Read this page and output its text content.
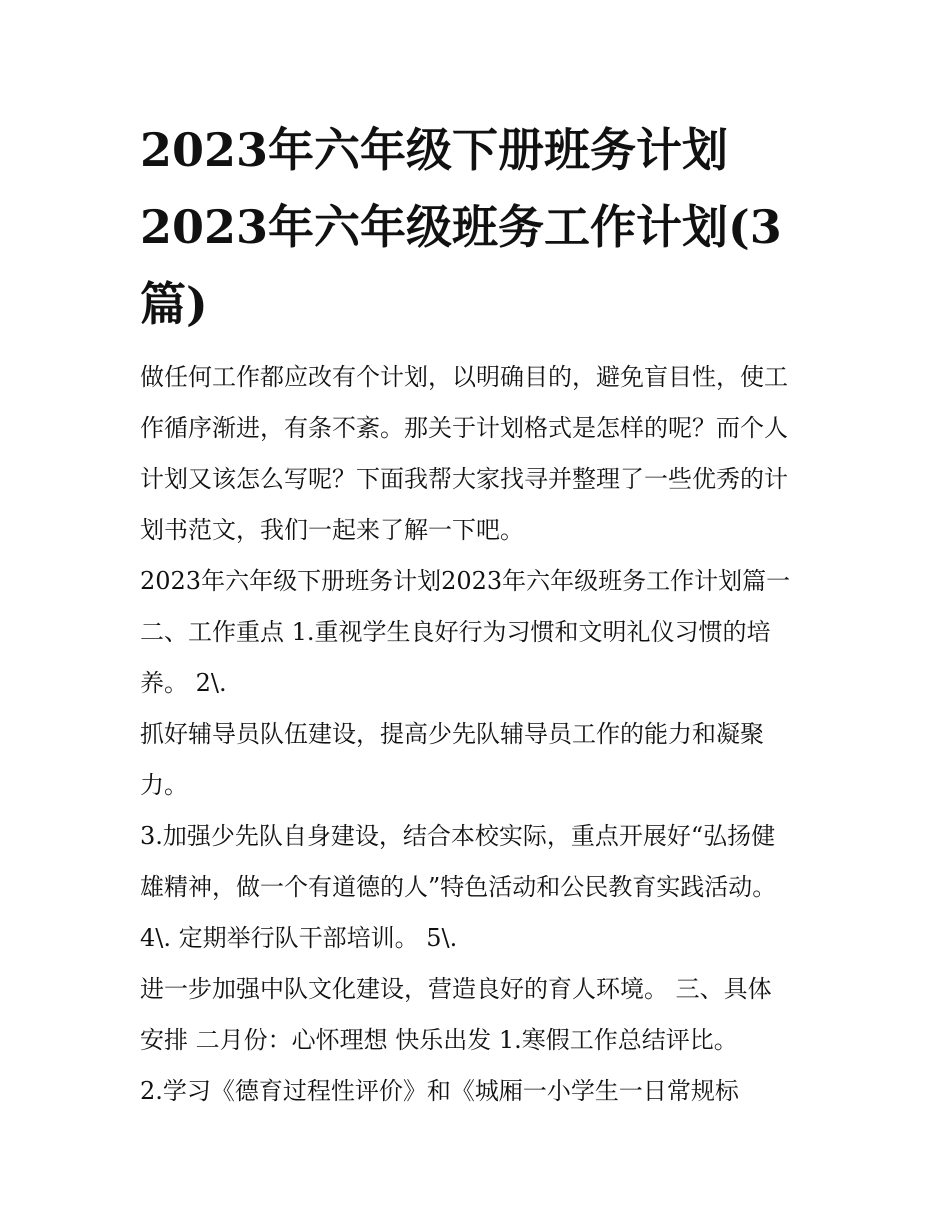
2023年六年级下册班务计划
2023年六年级班务工作计划(3
篇)
做任何工作都应改有个计划，以明确目的，避免盲目性，使工
作循序渐进，有条不紊。那关于计划格式是怎样的呢？而个人
计划又该怎么写呢？下面我帮大家找寻并整理了一些优秀的计
划书范文，我们一起来了解一下吧。
2023年六年级下册班务计划2023年六年级班务工作计划篇一
二、工作重点 1.重视学生良好行为习惯和文明礼仪习惯的培
养。 2\.
抓好辅导员队伍建设，提高少先队辅导员工作的能力和凝聚
力。
3.加强少先队自身建设，结合本校实际，重点开展好“弘扬健
雄精神，做一个有道德的人”特色活动和公民教育实践活动。
4\. 定期举行队干部培训。 5\.
进一步加强中队文化建设，营造良好的育人环境。 三、具体
安排 二月份：心怀理想 快乐出发 1.寒假工作总结评比。
2.学习《德育过程性评价》和《城厢一小学生一日常规标
